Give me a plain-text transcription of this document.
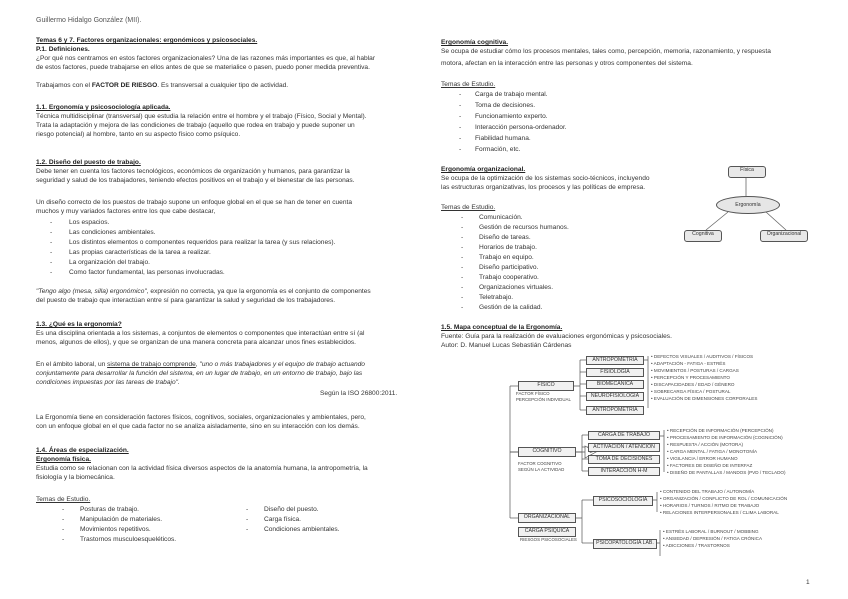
Guillermo Hidalgo González (MII).
Temas 6 y 7. Factores organizacionales: ergonómicos y psicosociales.
P.1. Definiciones.
¿Por qué nos centramos en estos factores organizacionales? Una de las razones más importantes es que, al hablar
de estos factores, puede trabajarse en ellos antes de que se materialice o pasen, puedo poner medida preventiva.
Trabajamos con el FACTOR DE RIESGO. Es transversal a cualquier tipo de actividad.
1.1. Ergonomía y psicosociología aplicada.
Técnica multidisciplinar (transversal) que estudia la relación entre el hombre y el trabajo (Físico, Social y Mental).
Trata la adaptación y mejora de las condiciones de trabajo (aquello que rodea en trabajo y puede suponer un
riesgo potencial) al hombre, tanto en su aspecto físico como psíquico.
1.2. Diseño del puesto de trabajo.
Debe tener en cuenta los factores tecnológicos, económicos de organización y humanos, para garantizar la
seguridad y salud de los trabajadores, teniendo efectos positivos en el trabajo y el bienestar de las personas.
Un diseño correcto de los puestos de trabajo supone un enfoque global en el que se han de tener en cuenta
muchos y muy variados factores entre los que cabe destacar,
-	Los espacios.
-	Las condiciones ambientales.
-	Los distintos elementos o componentes requeridos para realizar la tarea (y sus relaciones).
-	Las propias características de la tarea a realizar.
-	La organización del trabajo.
-	Como factor fundamental, las personas involucradas.
"Tengo algo (mesa, silla) ergonómico", expresión no correcta, ya que la ergonomía es el conjunto de componentes
del puesto de trabajo que interactúan entre sí para garantizar la salud y seguridad de los trabajadores.
1.3. ¿Qué es la ergonomía?
Es una disciplina orientada a los sistemas, a conjuntos de elementos o componentes que interactúan entre sí (al
menos, algunos de ellos), y que se organizan de una manera concreta para alcanzar unos fines establecidos.
En el ámbito laboral, un sistema de trabajo comprende, "uno o más trabajadores y el equipo de trabajo actuando
conjuntamente para desarrollar la función del sistema, en un lugar de trabajo, en un entorno de trabajo, bajo las
condiciones impuestas por las tareas de trabajo".
Según la ISO 26800:2011.
La Ergonomía tiene en consideración factores físicos, cognitivos, sociales, organizacionales y ambientales, pero,
con un enfoque global en el que cada factor no se analiza aisladamente, sino en su interacción con los demás.
1.4. Áreas de especialización.
Ergonomía física.
Estudia como se relacionan con la actividad física diversos aspectos de la anatomía humana, la antropometría, la
fisiología y la biomecánica.
Temas de Estudio.
- Posturas de trabajo.
- Manipulación de materiales.
- Movimientos repetitivos.
- Trastornos musculoesqueléticos.
- Diseño del puesto.
- Carga física.
- Condiciones ambientales.
Ergonomía cognitiva.
Se ocupa de estudiar cómo los procesos mentales, tales como, percepción, memoria, razonamiento, y respuesta
motora, afectan en la interacción entre las personas y otros componentes del sistema.
Temas de Estudio.
- Carga de trabajo mental.
- Toma de decisiones.
- Funcionamiento experto.
- Interacción persona-ordenador.
- Fiabilidad humana.
- Formación, etc.
Ergonomía organizacional.
Se ocupa de la optimización de los sistemas socio-técnicos, incluyendo
las estructuras organizativas, los procesos y las políticas de empresa.
Temas de Estudio.
- Comunicación.
- Gestión de recursos humanos.
- Diseño de tareas.
- Horarios de trabajo.
- Trabajo en equipo.
- Diseño participativo.
- Trabajo cooperativo.
- Organizaciones virtuales.
- Teletrabajo.
- Gestión de la calidad.
1.5. Mapa conceptual de la Ergonomía.
Fuente: Guía para la realización de evaluaciones ergonómicas y psicosociales.
Autor: D. Manuel Lucas Sebastián Cárdenas
Física
Ergonomía
Cognitiva	Organizacional
FÍSICO
FACTOR FÍSICO
PERCEPCIÓN INDIVIDUAL
ANTROPOMETRÍA
FISIOLOGÍA
BIOMECÁNICA
NEUROFISIOLOGÍA
ANTROPOMETRÍA
• DEFECTOS VISUALES / AUDITIVOS / FÍSICOS
• ADAPTACIÓN - FATIGA - ESTRÉS
• MOVIMIENTOS / POSTURAS / CARGAS
• PERCEPCIÓN Y PROCESAMIENTO
• DISCAPACIDADES / EDAD / GÉNERO
• SOBRECARGA FÍSICA / POSTURAL
• EVALUACIÓN DE DIMENSIONES CORPORALES
COGNITIVO
FACTOR COGNITIVO
SEGÚN LA ACTIVIDAD
CARGA DE TRABAJO
ACTIVACIÓN / ATENCIÓN
TOMA DE DECISIONES
INTERACCIÓN H-M
• RECEPCIÓN DE INFORMACIÓN (PERCEPCIÓN)
• PROCESAMIENTO DE INFORMACIÓN (COGNICIÓN)
• RESPUESTA / ACCIÓN (MOTORA)
• CARGA MENTAL / FATIGA / MONOTONÍA
• VIGILANCIA / ERROR HUMANO
• FACTORES DE DISEÑO DE INTERFAZ
• DISEÑO DE PANTALLAS / MANDOS (PVD / TECLADO)
ORGANIZACIONAL
CARGA PSÍQUICA
RIESGOS PSICOSOCIALES
PSICOSOCIOLOGÍA
PSICOPATOLOGÍA LAB.
• CONTENIDO DEL TRABAJO / AUTONOMÍA
• ORGANIZACIÓN / CONFLICTO DE ROL / COMUNICACIÓN
• HORARIOS / TURNOS / RITMO DE TRABAJO
• RELACIONES INTERPERSONALES / CLIMA LABORAL
• ESTRÉS LABORAL / BURNOUT / MOBBING
• ANSIEDAD / DEPRESIÓN / FATIGA CRÓNICA
• ADICCIONES / TRASTORNOS
1
